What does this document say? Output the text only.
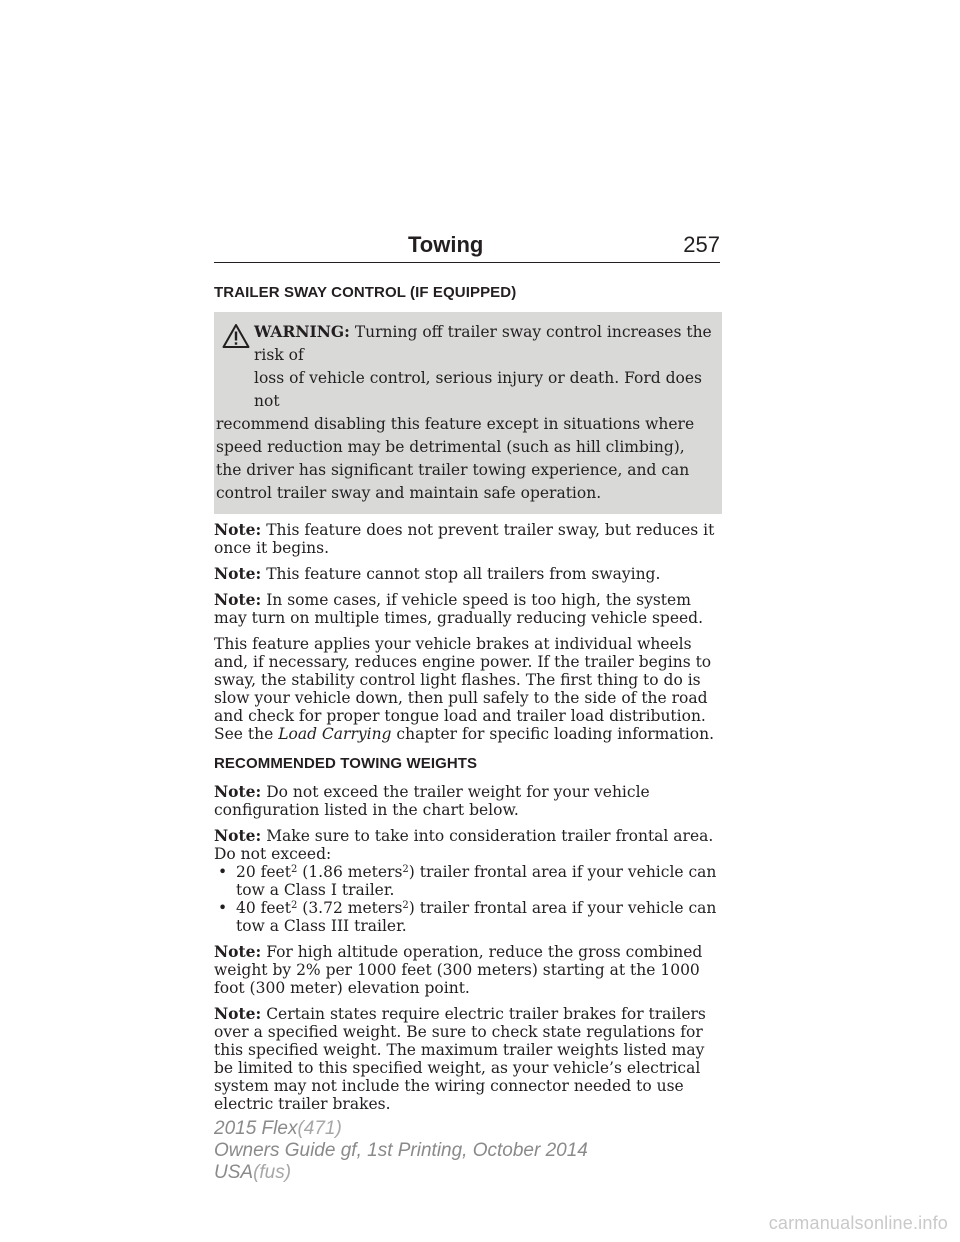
Towing	257
TRAILER SWAY CONTROL (IF EQUIPPED)
WARNING: Turning off trailer sway control increases the risk of
loss of vehicle control, serious injury or death. Ford does not
recommend disabling this feature except in situations where speed reduction may be detrimental (such as hill climbing), the driver has significant trailer towing experience, and can control trailer sway and maintain safe operation.

Note: This feature does not prevent trailer sway, but reduces it once it begins.

Note: This feature cannot stop all trailers from swaying.

Note: In some cases, if vehicle speed is too high, the system may turn on multiple times, gradually reducing vehicle speed.

This feature applies your vehicle brakes at individual wheels and, if necessary, reduces engine power. If the trailer begins to sway, the stability control light flashes. The first thing to do is slow your vehicle down, then pull safely to the side of the road and check for proper tongue load and trailer load distribution. See the Load Carrying chapter for specific loading information.

RECOMMENDED TOWING WEIGHTS

Note: Do not exceed the trailer weight for your vehicle configuration listed in the chart below.

Note: Make sure to take into consideration trailer frontal area. Do not exceed:

• 20 feet$^2$ (1.86 meters$^2$) trailer frontal area if your vehicle can tow a Class I trailer.
• 40 feet$^2$ (3.72 meters$^2$) trailer frontal area if your vehicle can tow a Class III trailer.

Note: For high altitude operation, reduce the gross combined weight by 2% per 1000 feet (300 meters) starting at the 1000 foot (300 meter) elevation point.

Note: Certain states require electric trailer brakes for trailers over a specified weight. Be sure to check state regulations for this specified weight. The maximum trailer weights listed may be limited to this specified weight, as your vehicle’s electrical system may not include the wiring connector needed to use electric trailer brakes.

2015 Flex(471)
Owners Guide gf, 1st Printing, October 2014
USA(fus)
carmanualsonline.info
